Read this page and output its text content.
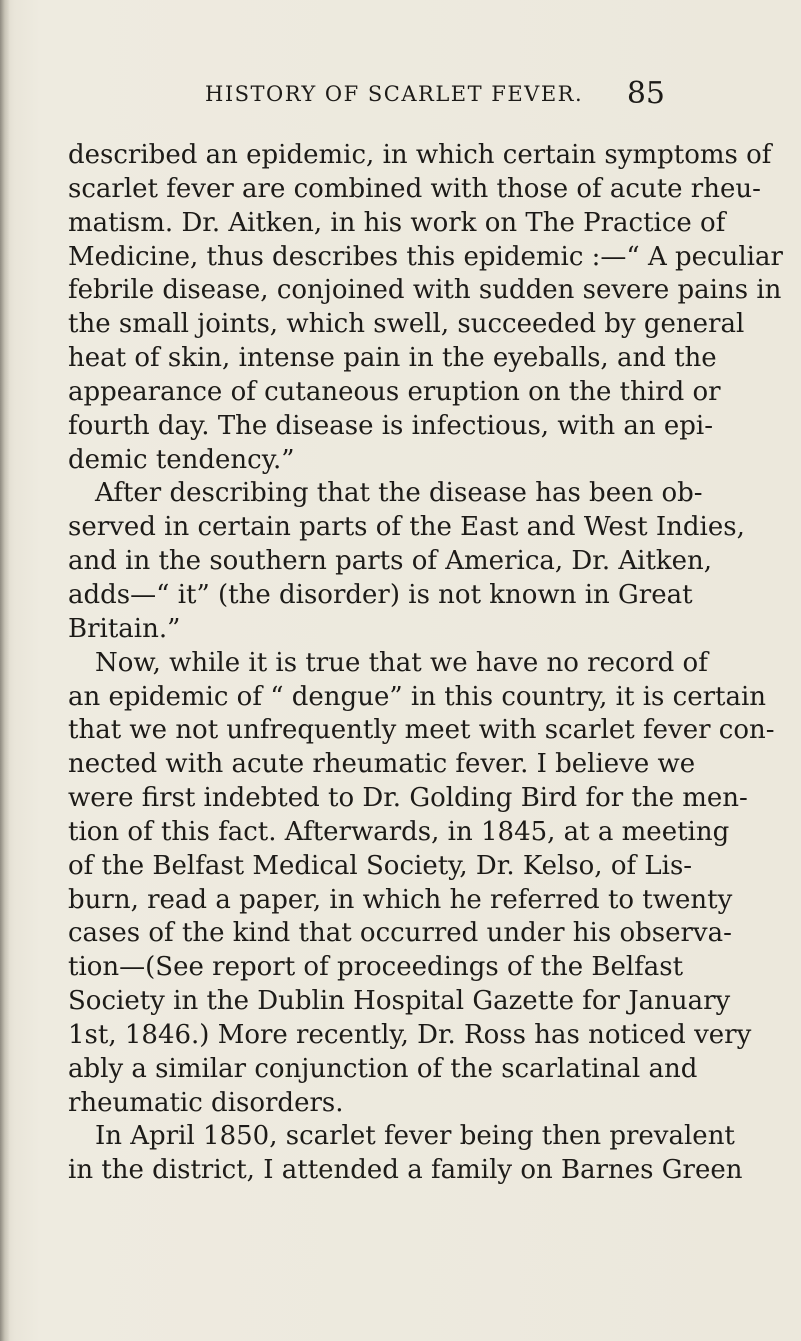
HISTORY OF SCARLET FEVER. 85
described an epidemic, in which certain symptoms of
scarlet fever are combined with those of acute rheu-
matism. Dr. Aitken, in his work on The Practice of
Medicine, thus describes this epidemic :—“ A peculiar
febrile disease, conjoined with sudden severe pains in
the small joints, which swell, succeeded by general
heat of skin, intense pain in the eyeballs, and the
appearance of cutaneous eruption on the third or
fourth day. The disease is infectious, with an epi-
demic tendency.”
After describing that the disease has been ob-
served in certain parts of the East and West Indies,
and in the southern parts of America, Dr. Aitken,
adds—“ it” (the disorder) is not known in Great
Britain.”
Now, while it is true that we have no record of
an epidemic of “ dengue” in this country, it is certain
that we not unfrequently meet with scarlet fever con-
nected with acute rheumatic fever. I believe we
were first indebted to Dr. Golding Bird for the men-
tion of this fact. Afterwards, in 1845, at a meeting
of the Belfast Medical Society, Dr. Kelso, of Lis-
burn, read a paper, in which he referred to twenty
cases of the kind that occurred under his observa-
tion—(See report of proceedings of the Belfast
Society in the Dublin Hospital Gazette for January
1st, 1846.) More recently, Dr. Ross has noticed very
ably a similar conjunction of the scarlatinal and
rheumatic disorders.
In April 1850, scarlet fever being then prevalent
in the district, I attended a family on Barnes Green
